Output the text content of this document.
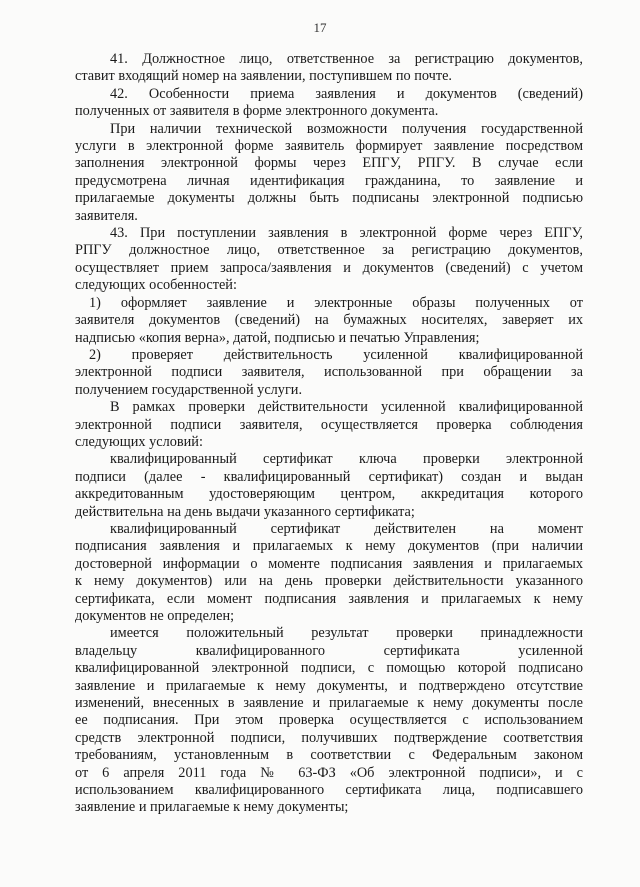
17
41. Должностное лицо, ответственное за регистрацию документов,
ставит входящий номер на заявлении, поступившем по почте.
42. Особенности приема заявления и документов (сведений)
полученных от заявителя в форме электронного документа.
При наличии технической возможности получения государственной
услуги в электронной форме заявитель формирует заявление посредством
заполнения электронной формы через ЕПГУ, РПГУ. В случае если
предусмотрена личная идентификация гражданина, то заявление и
прилагаемые документы должны быть подписаны электронной подписью
заявителя.
43. При поступлении заявления в электронной форме через ЕПГУ,
РПГУ должностное лицо, ответственное за регистрацию документов,
осуществляет прием запроса/заявления и документов (сведений) с учетом
следующих особенностей:
1) оформляет заявление и электронные образы полученных от
заявителя документов (сведений) на бумажных носителях, заверяет их
надписью «копия верна», датой, подписью и печатью Управления;
2) проверяет действительность усиленной квалифицированной
электронной подписи заявителя, использованной при обращении за
получением государственной услуги.
В рамках проверки действительности усиленной квалифицированной
электронной подписи заявителя, осуществляется проверка соблюдения
следующих условий:
квалифицированный сертификат ключа проверки электронной
подписи (далее - квалифицированный сертификат) создан и выдан
аккредитованным удостоверяющим центром, аккредитация которого
действительна на день выдачи указанного сертификата;
квалифицированный сертификат действителен на момент
подписания заявления и прилагаемых к нему документов (при наличии
достоверной информации о моменте подписания заявления и прилагаемых
к нему документов) или на день проверки действительности указанного
сертификата, если момент подписания заявления и прилагаемых к нему
документов не определен;
имеется положительный результат проверки принадлежности
владельцу квалифицированного сертификата усиленной
квалифицированной электронной подписи, с помощью которой подписано
заявление и прилагаемые к нему документы, и подтверждено отсутствие
изменений, внесенных в заявление и прилагаемые к нему документы после
ее подписания. При этом проверка осуществляется с использованием
средств электронной подписи, получивших подтверждение соответствия
требованиям, установленным в соответствии с Федеральным законом
от 6 апреля 2011 года № 63-ФЗ «Об электронной подписи», и с
использованием квалифицированного сертификата лица, подписавшего
заявление и прилагаемые к нему документы;
